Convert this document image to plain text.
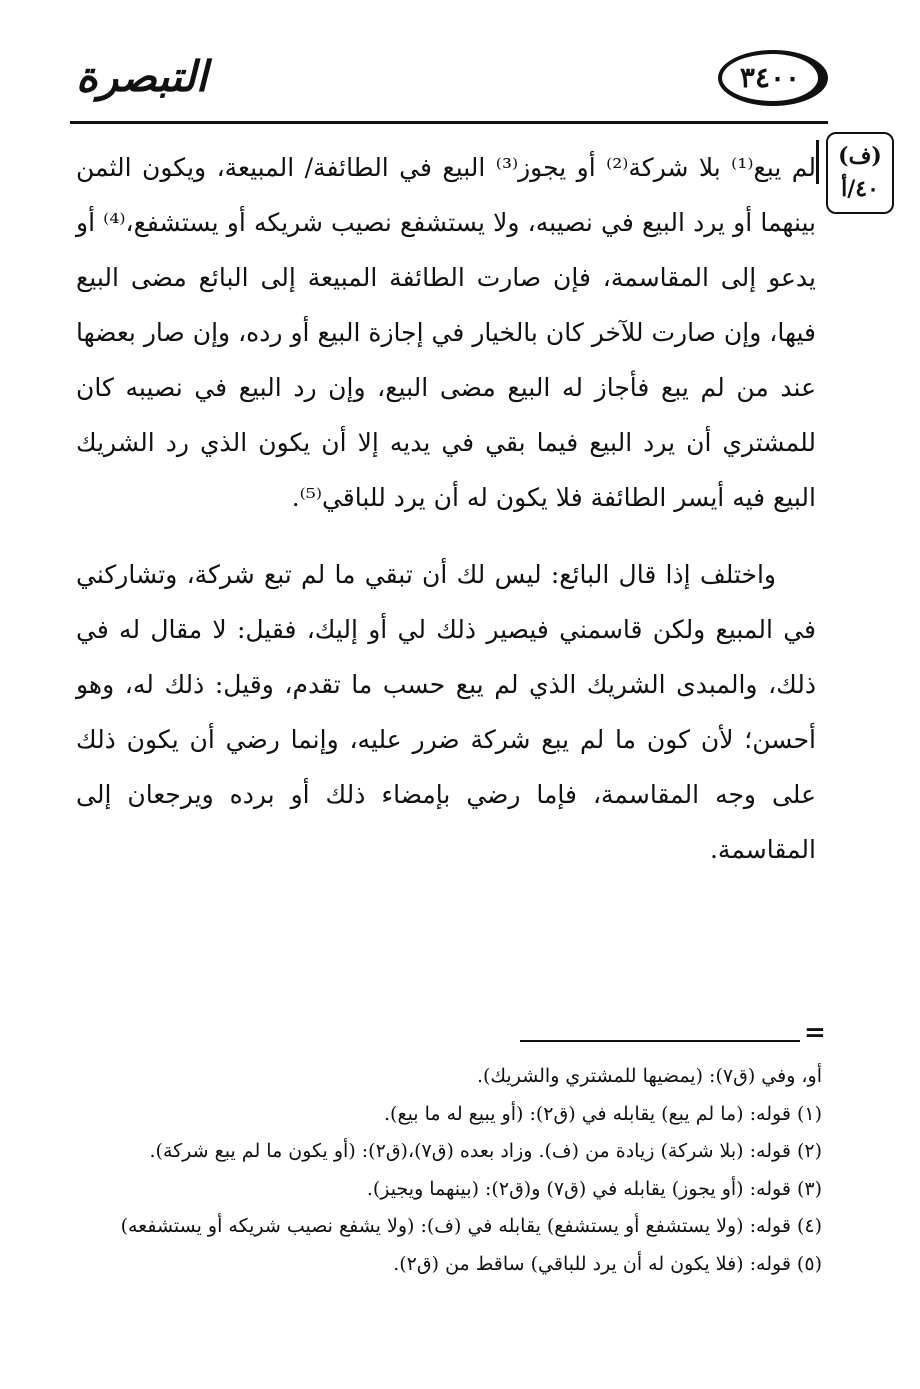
التبصرة	٣٤٠٠
(ف)
٤٠/أ

لم يبع⁽¹⁾ بلا شركة⁽²⁾ أو يجوز⁽³⁾ البيع في الطائفة/ المبيعة، ويكون الثمن بينهما أو يرد البيع في نصيبه، ولا يستشفع نصيب شريكه أو يستشفع،⁽⁴⁾ أو يدعو إلى المقاسمة، فإن صارت الطائفة المبيعة إلى البائع مضى البيع فيها، وإن صارت للآخر كان بالخيار في إجازة البيع أو رده، وإن صار بعضها عند من لم يبع فأجاز له البيع مضى البيع، وإن رد البيع في نصيبه كان للمشتري أن يرد البيع فيما بقي في يديه إلا أن يكون الذي رد الشريك البيع فيه أيسر الطائفة فلا يكون له أن يرد للباقي⁽⁵⁾.

واختلف إذا قال البائع: ليس لك أن تبقي ما لم تبع شركة، وتشاركني في المبيع ولكن قاسمني فيصير ذلك لي أو إليك، فقيل: لا مقال له في ذلك، والمبدى الشريك الذي لم يبع حسب ما تقدم، وقيل: ذلك له، وهو أحسن؛ لأن كون ما لم يبع شركة ضرر عليه، وإنما رضي أن يكون ذلك على وجه المقاسمة، فإما رضي بإمضاء ذلك أو برده ويرجعان إلى المقاسمة.

=
أو، وفي (ق٧): (يمضيها للمشتري والشريك).
(١) قوله: (ما لم يبع) يقابله في (ق٢): (أو يبيع له ما بيع).
(٢) قوله: (بلا شركة) زيادة من (ف). وزاد بعده (ق٧)،(ق٢): (أو يكون ما لم يبع شركة).
(٣) قوله: (أو يجوز) يقابله في (ق٧) و(ق٢): (بينهما ويجيز).
(٤) قوله: (ولا يستشفع أو يستشفع) يقابله في (ف): (ولا يشفع نصيب شريكه أو يستشفعه)
(٥) قوله: (فلا يكون له أن يرد للباقي) ساقط من (ق٢).
